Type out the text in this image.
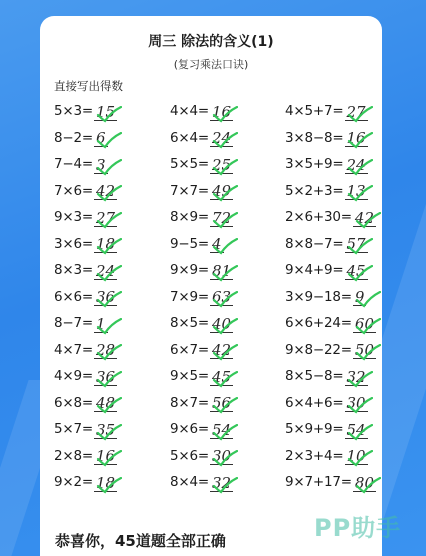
周三 除法的含义(1)
(复习乘法口诀)
直接写出得数
5×3= 15	4×4= 16	4×5+7= 27
8−2= 6	6×4= 24	3×8−8= 16
7−4= 3	5×5= 25	3×5+9= 24
7×6= 42	7×7= 49	5×2+3= 13
9×3= 27	8×9= 72	2×6+30= 42
3×6= 18	9−5= 4	8×8−7= 57
8×3= 24	9×9= 81	9×4+9= 45
6×6= 36	7×9= 63	3×9−18= 9
8−7= 1	8×5= 40	6×6+24= 60
4×7= 28	6×7= 42	9×8−22= 50
4×9= 36	9×5= 45	8×5−8= 32
6×8= 48	8×7= 56	6×4+6= 30
5×7= 35	9×6= 54	5×9+9= 54
2×8= 16	5×6= 30	2×3+4= 10
9×2= 18	8×4= 32	9×7+17= 80
恭喜你，45道题全部正确	PP助手
